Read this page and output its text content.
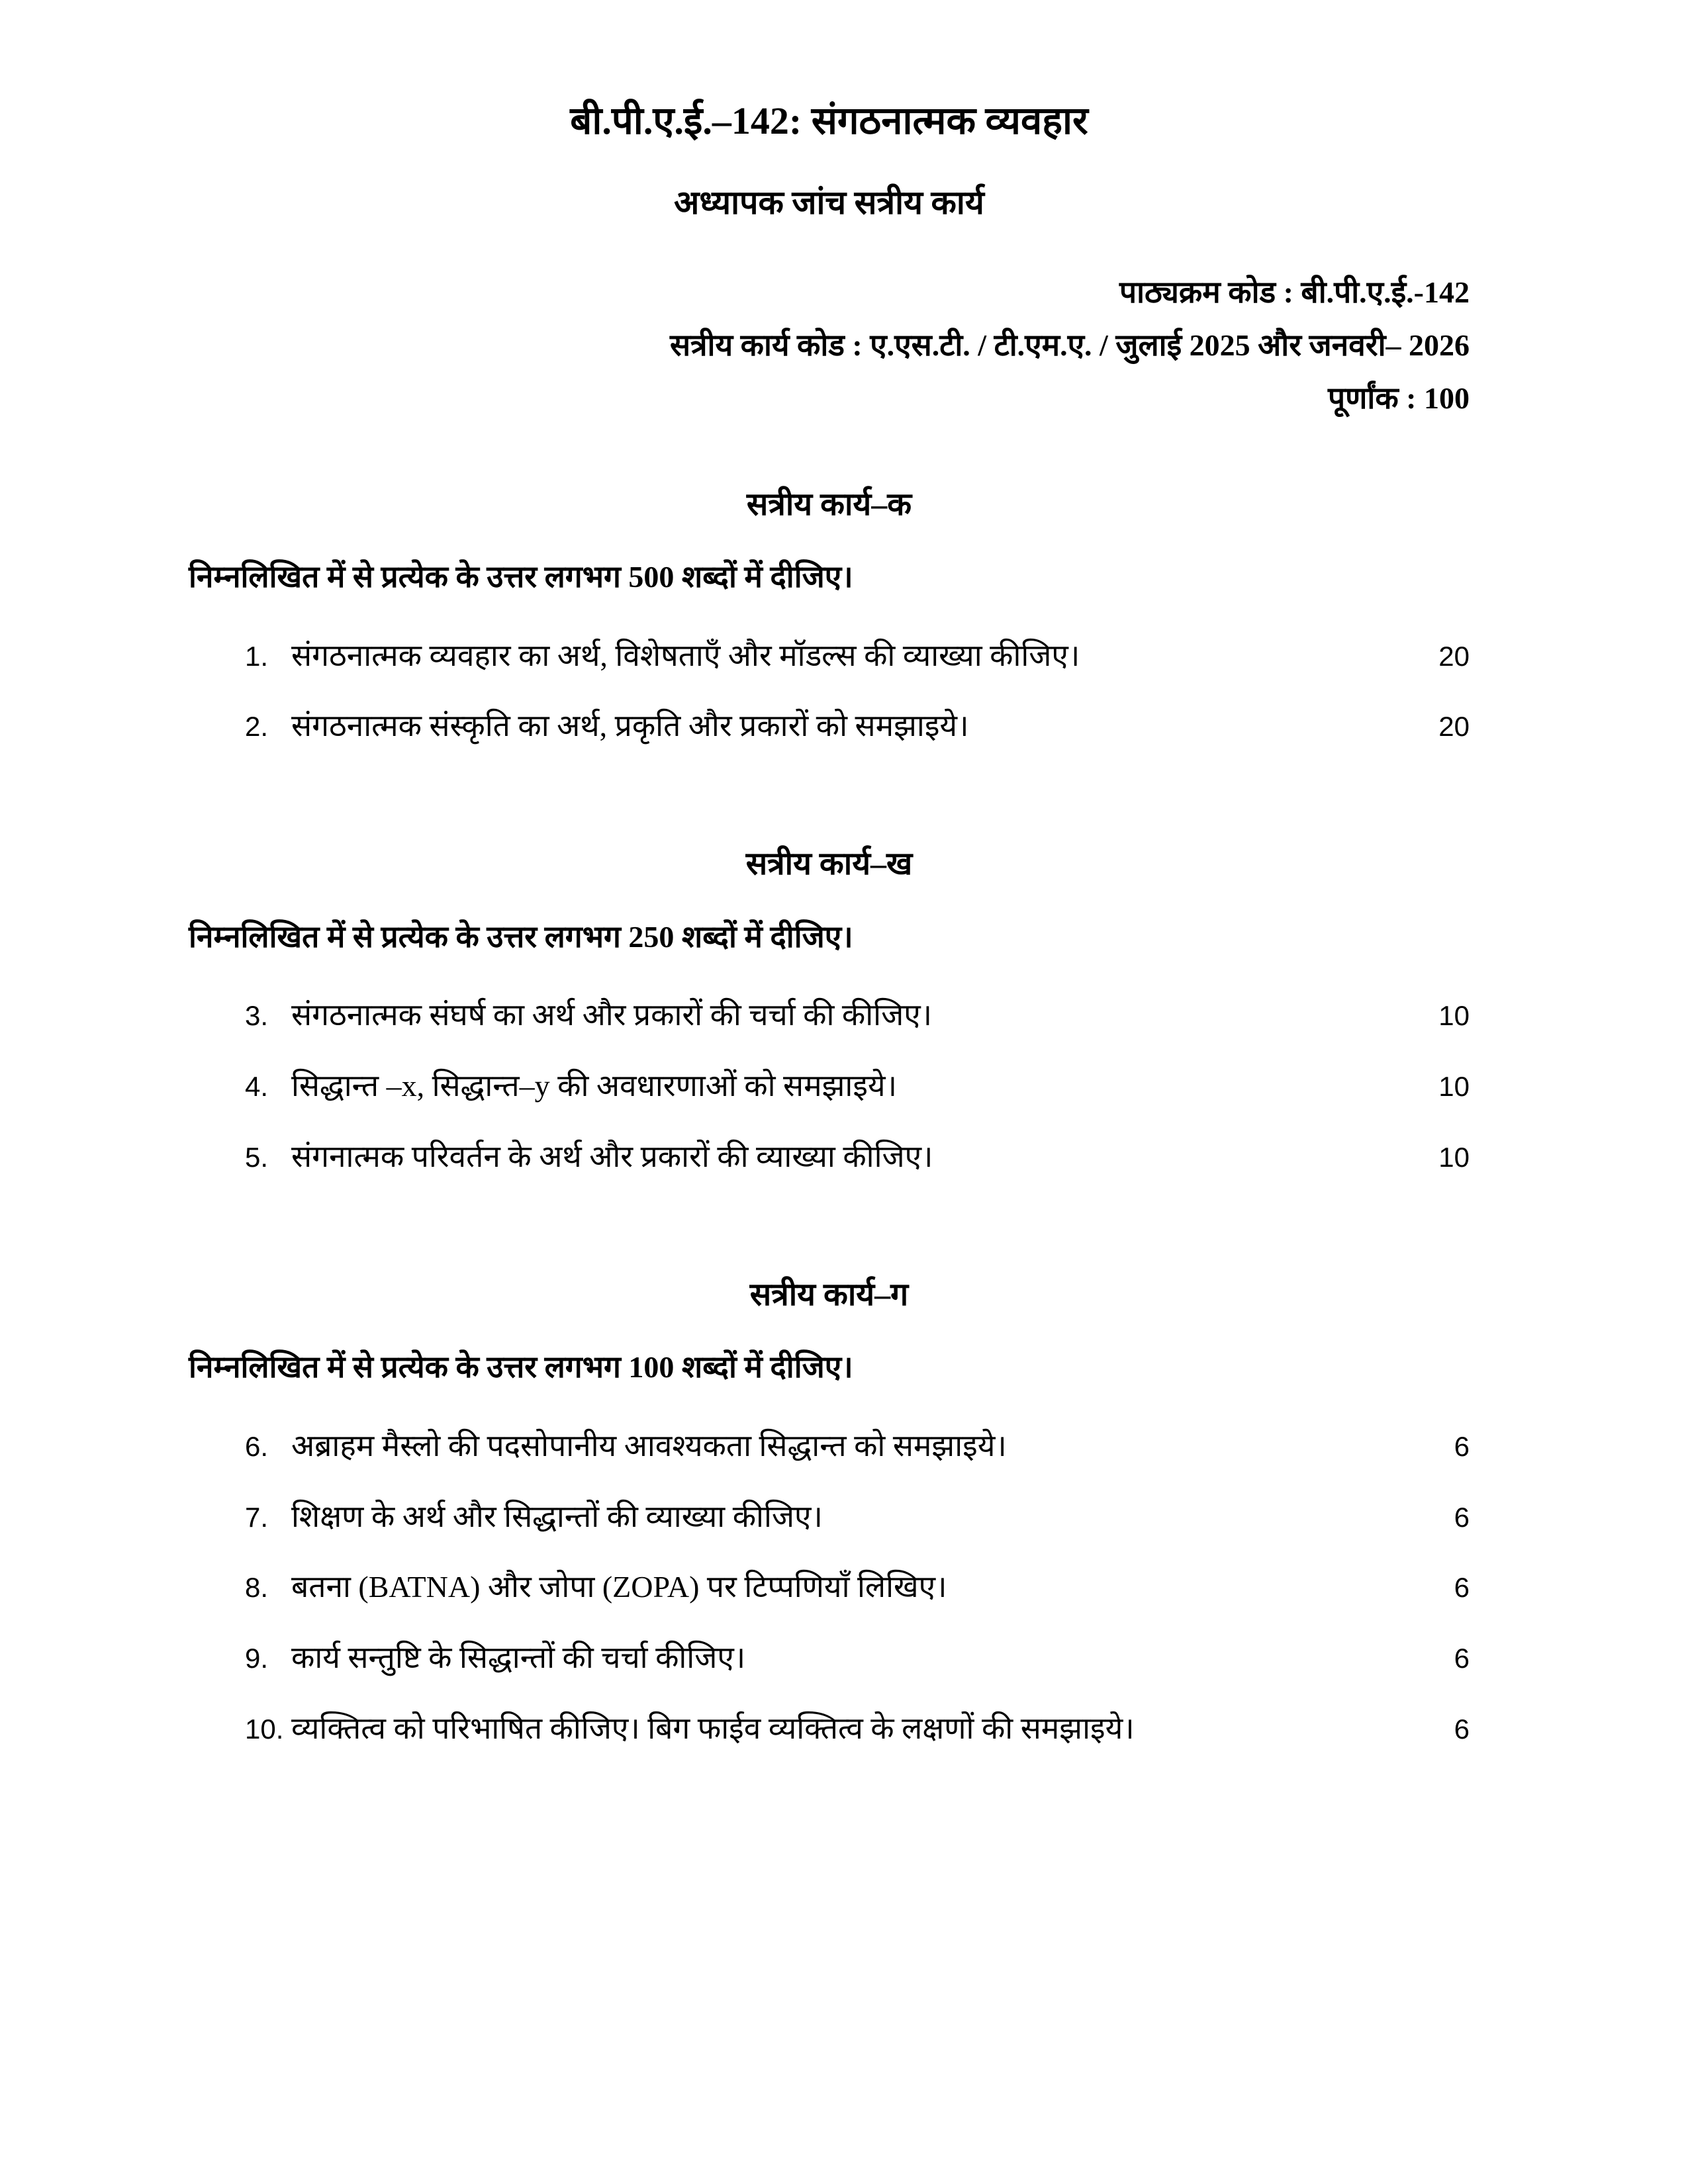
बी.पी.ए.ई.–142: संगठनात्मक व्यवहार
अध्यापक जांच सत्रीय कार्य
पाठ्यक्रम कोड : बी.पी.ए.ई.-142
सत्रीय कार्य कोड : ए.एस.टी. / टी.एम.ए. / जुलाई 2025 और जनवरी– 2026
पूर्णांक : 100
सत्रीय कार्य–क
निम्नलिखित में से प्रत्येक के उत्तर लगभग 500 शब्दों में दीजिए।
1. संगठनात्मक व्यवहार का अर्थ, विशेषताएँ और मॉडल्स की व्याख्या कीजिए।	20
2. संगठनात्मक संस्कृति का अर्थ, प्रकृति और प्रकारों को समझाइये।	20
सत्रीय कार्य–ख
निम्नलिखित में से प्रत्येक के उत्तर लगभग 250 शब्दों में दीजिए।
3. संगठनात्मक संघर्ष का अर्थ और प्रकारों की चर्चा की कीजिए।	10
4. सिद्धान्त –x, सिद्धान्त–y की अवधारणाओं को समझाइये।	10
5. संगनात्मक परिवर्तन के अर्थ और प्रकारों की व्याख्या कीजिए।	10
सत्रीय कार्य–ग
निम्नलिखित में से प्रत्येक के उत्तर लगभग 100 शब्दों में दीजिए।
6. अब्राहम मैस्लो की पदसोपानीय आवश्यकता सिद्धान्त को समझाइये।	6
7. शिक्षण के अर्थ और सिद्धान्तों की व्याख्या कीजिए।	6
8. बतना (BATNA) और जोपा (ZOPA) पर टिप्पणियाँ लिखिए।	6
9. कार्य सन्तुष्टि के सिद्धान्तों की चर्चा कीजिए।	6
10. व्यक्तित्व को परिभाषित कीजिए। बिग फाईव व्यक्तित्व के लक्षणों की समझाइये।	6
